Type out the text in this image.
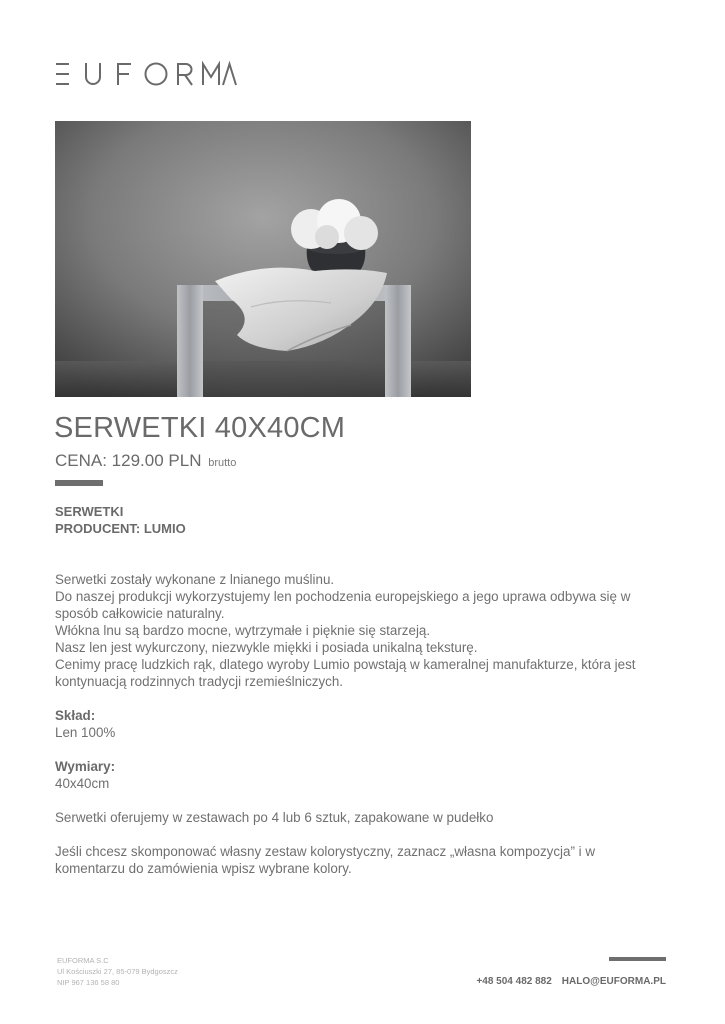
SERWETKI 40X40CM
CENA: 129.00 PLN brutto
SERWETKI
PRODUCENT: LUMIO

Serwetki zostały wykonane z lnianego muślinu.

Do naszej produkcji wykorzystujemy len pochodzenia europejskiego a jego uprawa odbywa się w sposób całkowicie naturalny.

Włókna lnu są bardzo mocne, wytrzymałe i pięknie się starzeją.

Nasz len jest wykurczony, niezwykle miękki i posiada unikalną teksturę.

Cenimy pracę ludzkich rąk, dlatego wyroby Lumio powstają w kameralnej manufakturze, która jest kontynuacją rodzinnych tradycji rzemieślniczych.

Skład:

Len 100%

Wymiary:

40x40cm

Serwetki oferujemy w zestawach po 4 lub 6 sztuk, zapakowane w pudełko

Jeśli chcesz skomponować własny zestaw kolorystyczny, zaznacz „własna kompozycja” i w komentarzu do zamówienia wpisz wybrane kolory.

EUFORMA S.C
Ul Kościuszki 27, 85-079 Bydgoszcz
NIP 967 136 58 80	+48 504 482 882 HALO@EUFORMA.PL
